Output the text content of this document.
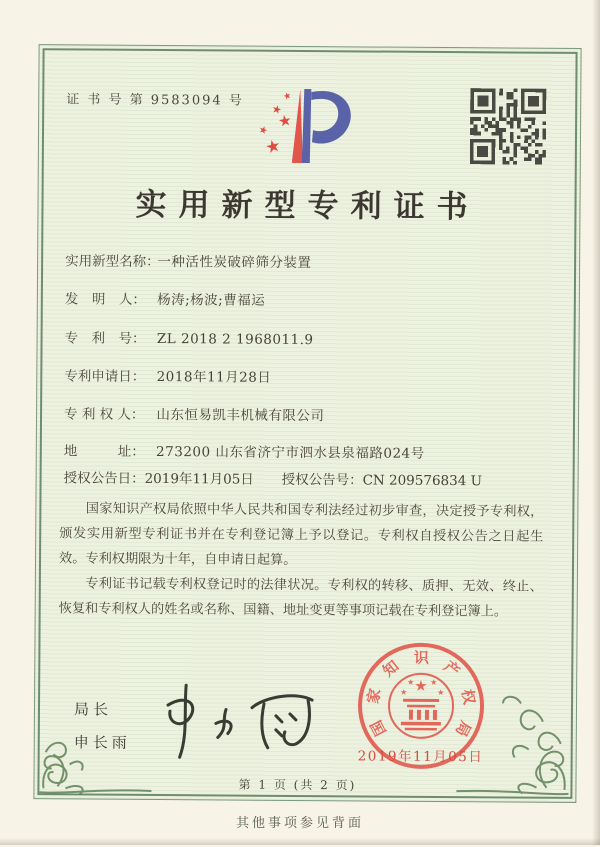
证 书 号 第 9583094 号	★
★
★
★
★
实用新型专利证书
实用新型名称： 一种活性炭破碎筛分装置
发　明　人： 杨涛;杨波;曹福运
专　利　号： ZL 2018 2 1968011.9
专利申请日： 2018年11月28日
专 利 权 人： 山东恒易凯丰机械有限公司
地　　　址： 273200 山东省济宁市泗水县泉福路024号
授权公告日：2019年11月05日 授权公告号：CN 209576834 U

国家知识产权局依照中华人民共和国专利法经过初步审查，决定授予专利权，颁发实用新型专利证书并在专利登记簿上予以登记。专利权自授权公告之日起生效。专利权期限为十年，自申请日起算。

专利证书记载专利权登记时的法律状况。专利权的转移、质押、无效、终止、恢复和专利权人的姓名或名称、国籍、地址变更等事项记载在专利登记簿上。

局长
申长雨
国
家
知 识 产
权
局
★
★
★ ★
★
2019年11月05日
第 1 页 (共 2 页)
其他事项参见背面
